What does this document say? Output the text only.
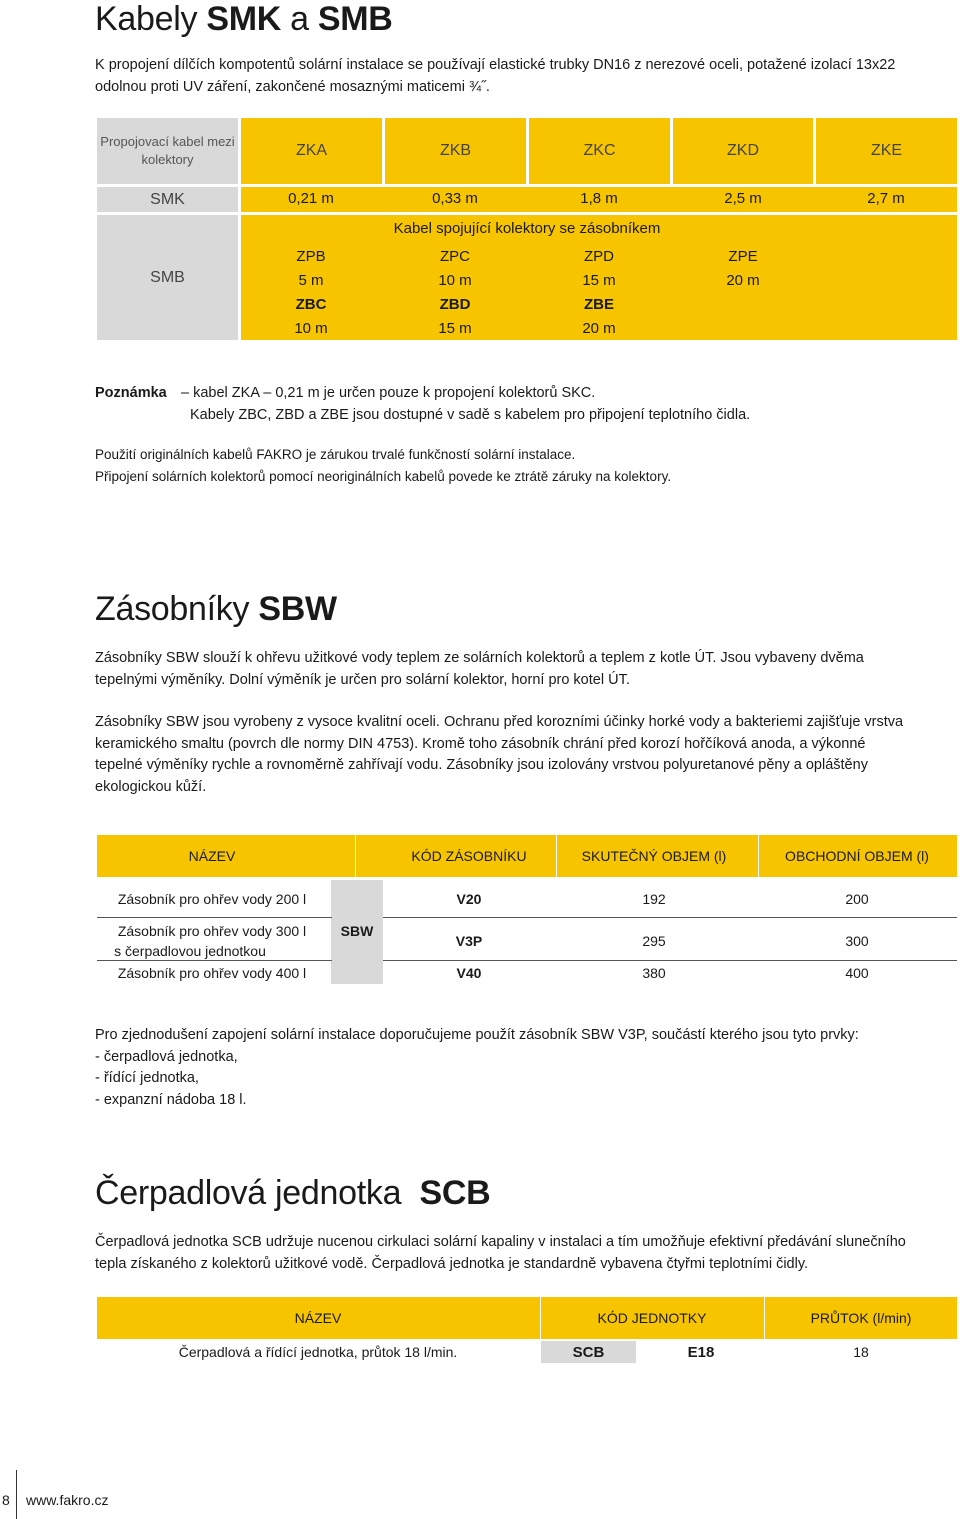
Kabely SMK a SMB
K propojení dílčích kompotentů solární instalace se používají elastické trubky DN16 z nerezové oceli, potažené izolací 13x22
odolnou proti UV záření, zakončené mosaznými maticemi ¾˝.
Propojovací kabel mezi
kolektory
ZKA	ZKB	ZKC	ZKD	ZKE
SMK	0,21 m	0,33 m	1,8 m	2,5 m	2,7 m
SMB
Kabel spojující kolektory se zásobníkem
ZPB	ZPC	ZPD	ZPE
5 m	10 m	15 m	20 m
ZBC	ZBD	ZBE
10 m	15 m	20 m
Poznámka – kabel ZKA – 0,21 m je určen pouze k propojení kolektorů SKC.
Kabely ZBC, ZBD a ZBE jsou dostupné v sadě s kabelem pro připojení teplotního čidla.
Použití originálních kabelů FAKRO je zárukou trvalé funkčností solární instalace.
Připojení solárních kolektorů pomocí neoriginálních kabelů povede ke ztrátě záruky na kolektory.
Zásobníky SBW
Zásobníky SBW slouží k ohřevu užitkové vody teplem ze solárních kolektorů a teplem z kotle ÚT. Jsou vybaveny dvěma
tepelnými výměníky. Dolní výměník je určen pro solární kolektor, horní pro kotel ÚT.
Zásobníky SBW jsou vyrobeny z vysoce kvalitní oceli. Ochranu před korozními účinky horké vody a bakteriemi zajišťuje vrstva
keramického smaltu (povrch dle normy DIN 4753). Kromě toho zásobník chrání před korozí hořčíková anoda, a výkonné
tepelné výměníky rychle a rovnoměrně zahřívají vodu. Zásobníky jsou izolovány vrstvou polyuretanové pěny a opláštěny
ekologickou kůží.
NÁZEV	KÓD ZÁSOBNÍKU	SKUTEČNÝ OBJEM (l)	OBCHODNÍ OBJEM (l)
SBW
Zásobník pro ohřev vody 200 l	V20	192	200
Zásobník pro ohřev vody 300 l
s čerpadlovou jednotkou
V3P	295	300
Zásobník pro ohřev vody 400 l	V40	380	400
Pro zjednodušení zapojení solární instalace doporučujeme použít zásobník SBW V3P, součástí kterého jsou tyto prvky:
- čerpadlová jednotka,
- řídící jednotka,
- expanzní nádoba 18 l.
Čerpadlová jednotka SCB
Čerpadlová jednotka SCB udržuje nucenou cirkulaci solární kapaliny v instalaci a tím umožňuje efektivní předávání slunečního
tepla získaného z kolektorů užitkové vodě. Čerpadlová jednotka je standardně vybavena čtyřmi teplotními čidly.
NÁZEV	KÓD JEDNOTKY	PRŮTOK (l/min)
Čerpadlová a řídící jednotka, průtok 18 l/min.	SCB	E18	18
8 www.fakro.cz
